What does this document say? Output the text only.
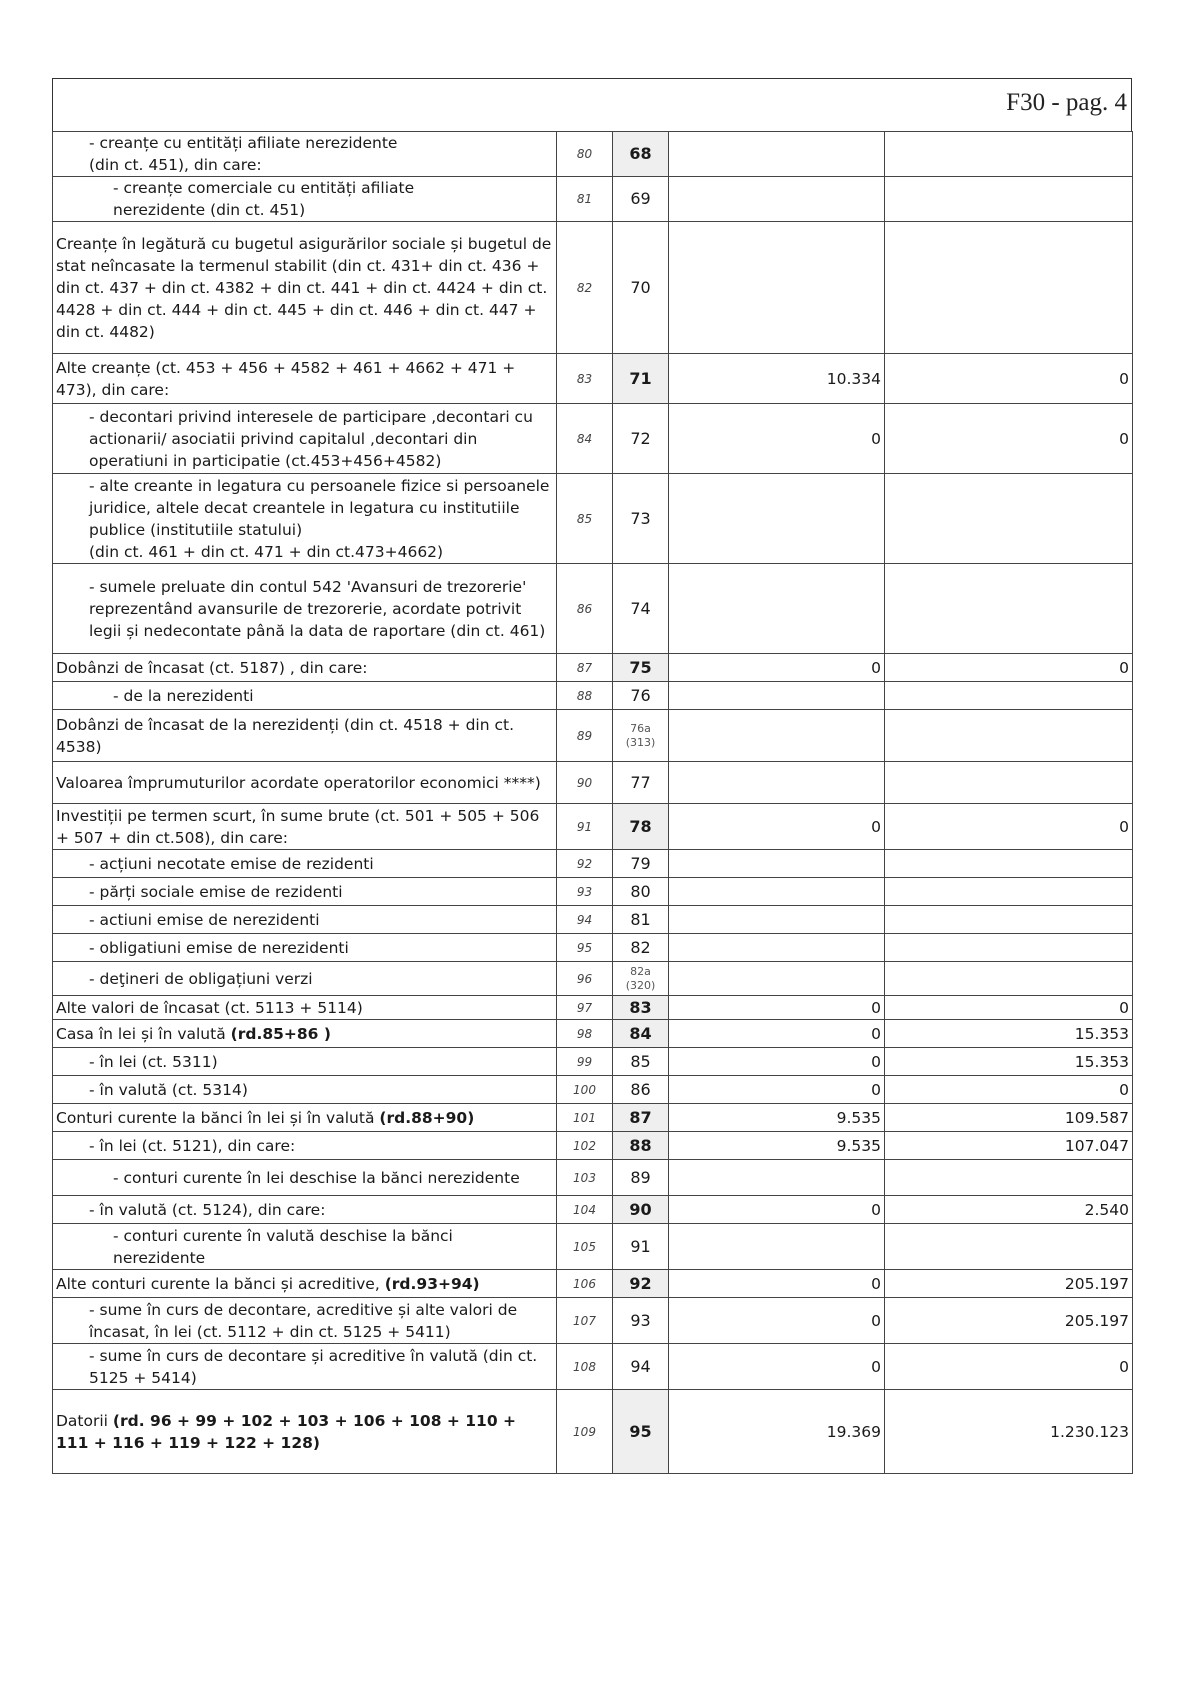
F30 - pag. 4
- creanțe cu entități afiliate nerezidente
(din ct. 451), din care:	80	68		
- creanțe comerciale cu entități afiliate
nerezidente (din ct. 451)	81	69		
Creanțe în legătură cu bugetul asigurărilor sociale și bugetul de stat neîncasate la termenul stabilit (din ct. 431+ din ct. 436 + din ct. 437 + din ct. 4382 + din ct. 441 + din ct. 4424 + din ct. 4428 + din ct. 444 + din ct. 445 + din ct. 446 + din ct. 447 + din ct. 4482)	82	70		
Alte creanțe (ct. 453 + 456 + 4582 + 461 + 4662 + 471 + 473), din care:	83	71	10.334	0
- decontari privind interesele de participare ,decontari cu actionarii/ asociatii privind capitalul ,decontari din operatiuni in participatie (ct.453+456+4582)	84	72	0	0
- alte creante in legatura cu persoanele fizice si persoanele juridice, altele decat creantele in legatura cu institutiile publice (institutiile statului)
(din ct. 461 + din ct. 471 + din ct.473+4662)	85	73		
- sumele preluate din contul 542 'Avansuri de trezorerie' reprezentând avansurile de trezorerie, acordate potrivit legii și nedecontate până la data de raportare (din ct. 461)	86	74		
Dobânzi de încasat (ct. 5187) , din care:	87	75	0	0
- de la nerezidenti	88	76		
Dobânzi de încasat de la nerezidenți (din ct. 4518 + din ct. 4538)	89	76a
(313)		

Valoarea împrumuturilor acordate operatorilor economici ****)	90	77		
Investiții pe termen scurt, în sume brute (ct. 501 + 505 + 506 + 507 + din ct.508), din care:	91	78	0	0
- acțiuni necotate emise de rezidenti	92	79		
- părți sociale emise de rezidenti	93	80		
- actiuni emise de nerezidenti	94	81		
- obligatiuni emise de nerezidenti	95	82		
- deţineri de obligațiuni verzi	96	82a
(320)		

Alte valori de încasat (ct. 5113 + 5114)	97	83	0	0
Casa în lei și în valută (rd.85+86 )	98	84	0	15.353
- în lei (ct. 5311)	99	85	0	15.353
- în valută (ct. 5314)	100	86	0	0
Conturi curente la bănci în lei și în valută (rd.88+90)	101	87	9.535	109.587
- în lei (ct. 5121), din care:	102	88	9.535	107.047
- conturi curente în lei deschise la bănci nerezidente	103	89		
- în valută (ct. 5124), din care:	104	90	0	2.540
- conturi curente în valută deschise la bănci
nerezidente	105	91		
Alte conturi curente la bănci și acreditive, (rd.93+94)	106	92	0	205.197
- sume în curs de decontare, acreditive și alte valori de încasat, în lei (ct. 5112 + din ct. 5125 + 5411)	107	93	0	205.197
- sume în curs de decontare și acreditive în valută (din ct. 5125 + 5414)	108	94	0	0
Datorii (rd. 96 + 99 + 102 + 103 + 106 + 108 + 110 + 111 + 116 + 119 + 122 + 128)	109	95	19.369	1.230.123
